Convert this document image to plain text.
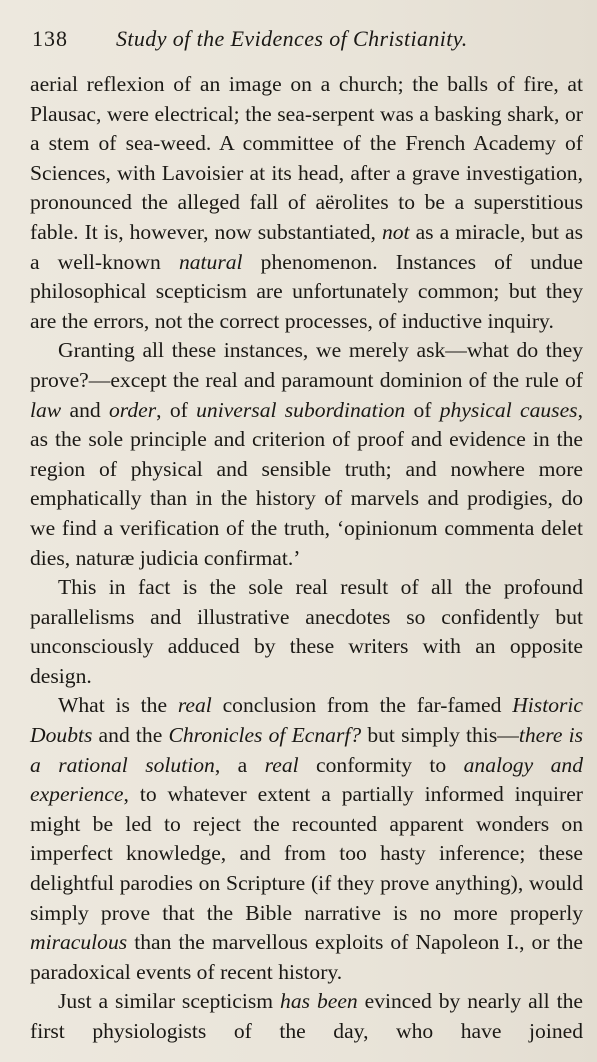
138 Study of the Evidences of Christianity.

aerial reflexion of an image on a church; the balls of fire, at Plausac, were electrical; the sea-serpent was a basking shark, or a stem of sea-weed. A committee of the French Academy of Sciences, with Lavoisier at its head, after a grave investigation, pronounced the alleged fall of aërolites to be a superstitious fable. It is, however, now substantiated, not as a miracle, but as a well-known natural phenomenon. Instances of undue philosophical scepticism are unfortunately common; but they are the errors, not the correct processes, of inductive inquiry.

Granting all these instances, we merely ask—what do they prove?—except the real and paramount dominion of the rule of law and order, of universal subordination of physical causes, as the sole principle and criterion of proof and evidence in the region of physical and sensible truth; and nowhere more emphatically than in the history of marvels and prodigies, do we find a verification of the truth, ‘opinionum commenta delet dies, naturæ judicia confirmat.’

This in fact is the sole real result of all the profound parallelisms and illustrative anecdotes so confidently but unconsciously adduced by these writers with an opposite design.

What is the real conclusion from the far-famed Historic Doubts and the Chronicles of Ecnarf? but simply this—there is a rational solution, a real conformity to analogy and experience, to whatever extent a partially informed inquirer might be led to reject the recounted apparent wonders on imperfect knowledge, and from too hasty inference; these delightful parodies on Scripture (if they prove anything), would simply prove that the Bible narrative is no more properly miraculous than the marvellous exploits of Napoleon I., or the paradoxical events of recent history.

Just a similar scepticism has been evinced by nearly all the first physiologists of the day, who have joined
